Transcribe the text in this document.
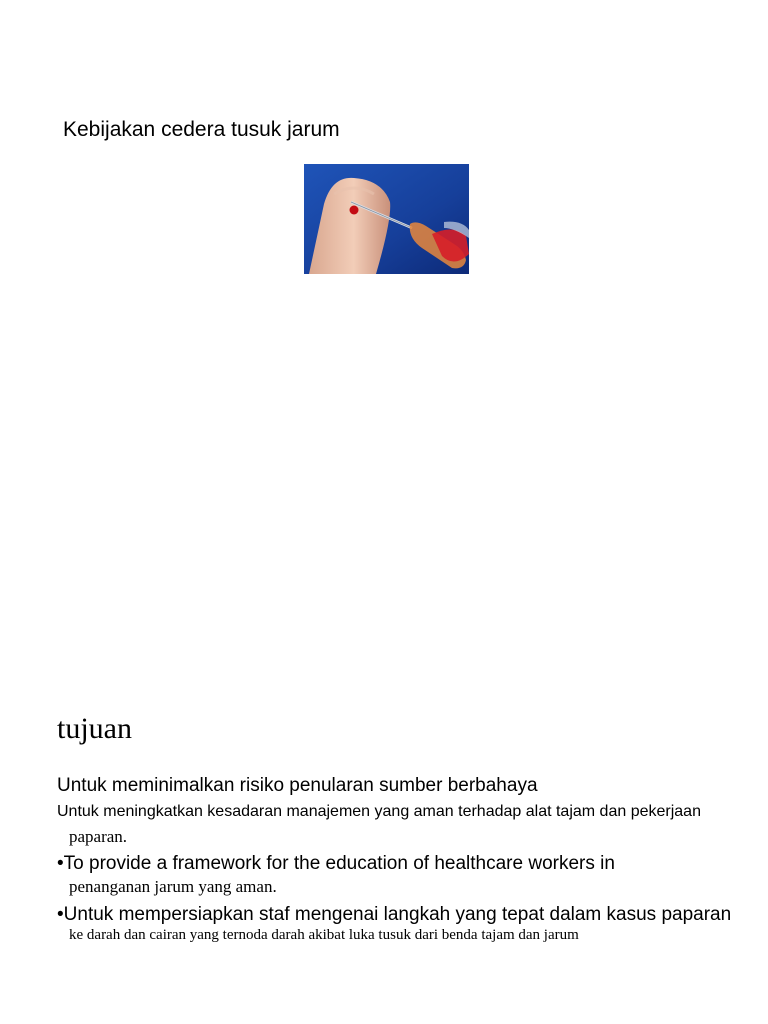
Kebijakan cedera tusuk jarum
tujuan
Untuk meminimalkan risiko penularan sumber berbahaya
Untuk meningkatkan kesadaran manajemen yang aman terhadap alat tajam dan pekerjaan
paparan.
•To provide a framework for the education of healthcare workers in
penanganan jarum yang aman.
•Untuk mempersiapkan staf mengenai langkah yang tepat dalam kasus paparan
ke darah dan cairan yang ternoda darah akibat luka tusuk dari benda tajam dan jarum
